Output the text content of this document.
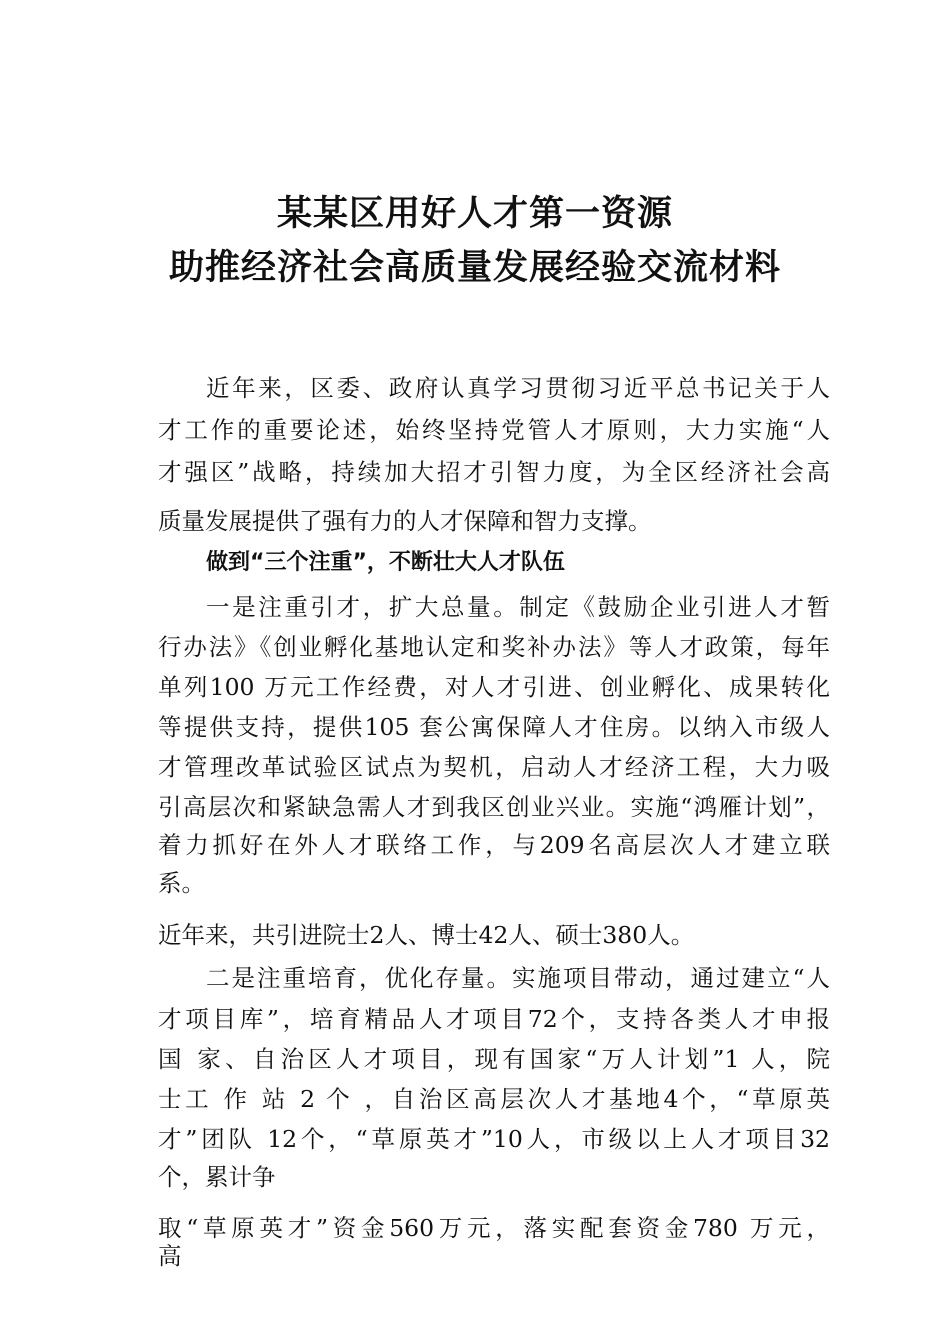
某某区用好人才第一资源
助推经济社会高质量发展经验交流材料
近年来，区委、政府认真学习贯彻习近平总书记关于人
才工作的重要论述，始终坚持党管人才原则，大力实施“人
才强区”战略，持续加大招才引智力度，为全区经济社会高
质量发展提供了强有力的人才保障和智力支撑。
做到“三个注重”，不断壮大人才队伍
一是注重引才，扩大总量。制定《鼓励企业引进人才暂
行办法》《创业孵化基地认定和奖补办法》等人才政策，每年
单列100 万元工作经费，对人才引进、创业孵化、成果转化
等提供支持，提供105 套公寓保障人才住房。以纳入市级人
才管理改革试验区试点为契机，启动人才经济工程，大力吸
引高层次和紧缺急需人才到我区创业兴业。实施“鸿雁计划”，
着力抓好在外人才联络工作，与209名高层次人才建立联
系。
近年来，共引进院士2人、博士42人、硕士380人。
二是注重培育，优化存量。实施项目带动，通过建立“人
才项目库”，培育精品人才项目72个，支持各类人才申报
国 家、自治区人才项目，现有国家“万人计划”1 人，院
士工 作 站 2 个 ，自治区高层次人才基地4个，“草原英
才”团队 12个，“草原英才”10人，市级以上人才项目32
个，累计争
取“草原英才”资金560万元，落实配套资金780 万元，
高
